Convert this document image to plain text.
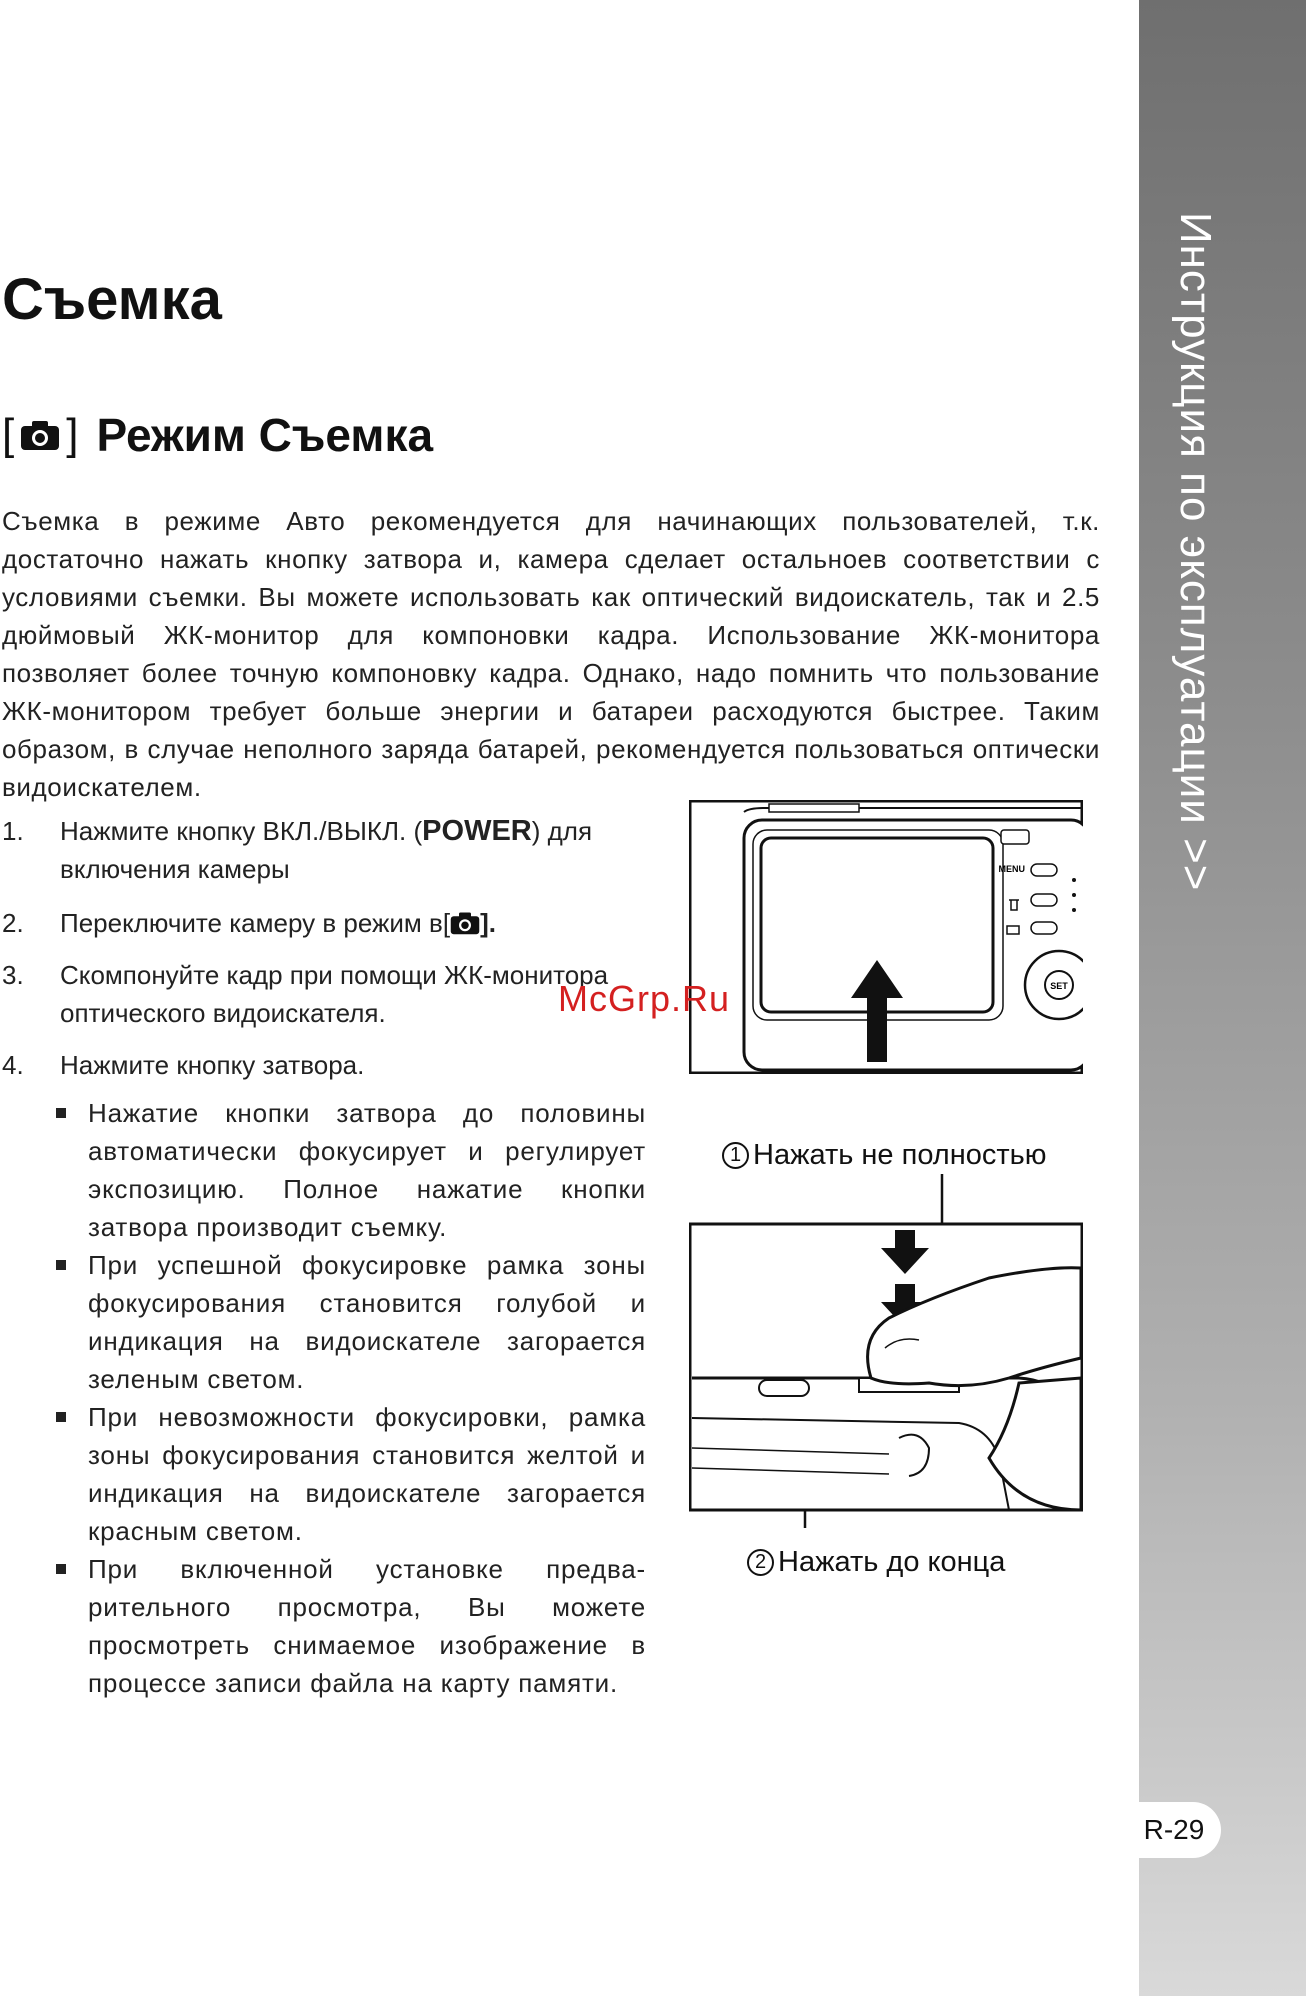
Инструкция по эксплуатации >>
R-29
Съемка
[ ] Режим Съемка

Съемка в режиме Авто рекомендуется для начинающих пользователей, т.к. достаточно нажать кнопку затвора и, камера сделает остальноев соответствии с условиями съемки. Вы можете использовать как оптический видоискатель, так и 2.5 дюймовый ЖК-монитор для компоновки кадра. Использование ЖК-монитора позволяет более точную компоновку кадра. Однако, надо помнить что пользование ЖК-монитором требует больше энергии и батареи расходуются быстрее. Таким образом, в случае неполного заряда батарей, рекомендуется пользоваться оптически видоискателем.

1.	Нажмите кнопку ВКЛ./ВЫКЛ. (POWER) для включения камеры
2.	Переключите камеру в режим в[ ].
3.	Скомпонуйте кадр при помощи ЖК-монитора оптического видоискателя.
4.	Нажмите кнопку затвора.
Нажатие кнопки затвора до половины автоматически фокусирует и регулирует экспозицию. Полное нажатие кнопки затвора производит съемку.
При успешной фокусировке рамка зоны фокусирования становится голубой и индикация на видоискателе загорается зеленым светом.
При невозможности фокусировки, рамка зоны фокусирования становится желтой и индикация на видоискателе загорается красным светом.
При включенной установке предва-рительного просмотра, Вы можете просмотреть снимаемое изображение в процессе записи файла на карту памяти.
MENU
SET
1 Нажать не полностью
2 Нажать до конца
McGrp.Ru
